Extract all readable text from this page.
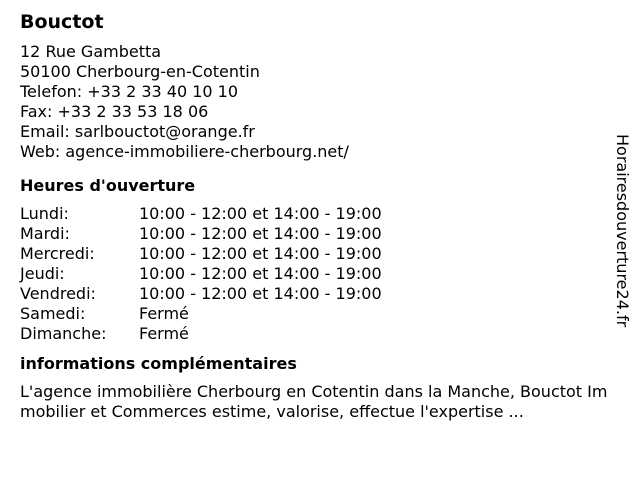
Bouctot
12 Rue Gambetta
50100 Cherbourg-en-Cotentin
Telefon: +33 2 33 40 10 10
Fax: +33 2 33 53 18 06
Email: sarlbouctot@orange.fr
Web: agence-immobiliere-cherbourg.net/
Heures d'ouverture
Lundi:	10:00 - 12:00 et 14:00 - 19:00
Mardi:	10:00 - 12:00 et 14:00 - 19:00
Mercredi:	10:00 - 12:00 et 14:00 - 19:00
Jeudi:	10:00 - 12:00 et 14:00 - 19:00
Vendredi:	10:00 - 12:00 et 14:00 - 19:00
Samedi:	Fermé
Dimanche:	Fermé
informations complémentaires
L'agence immobilière Cherbourg en Cotentin dans la Manche, Bouctot Immobilier et Commerces estime, valorise, effectue l'expertise ...
Horairesdouverture24.fr
